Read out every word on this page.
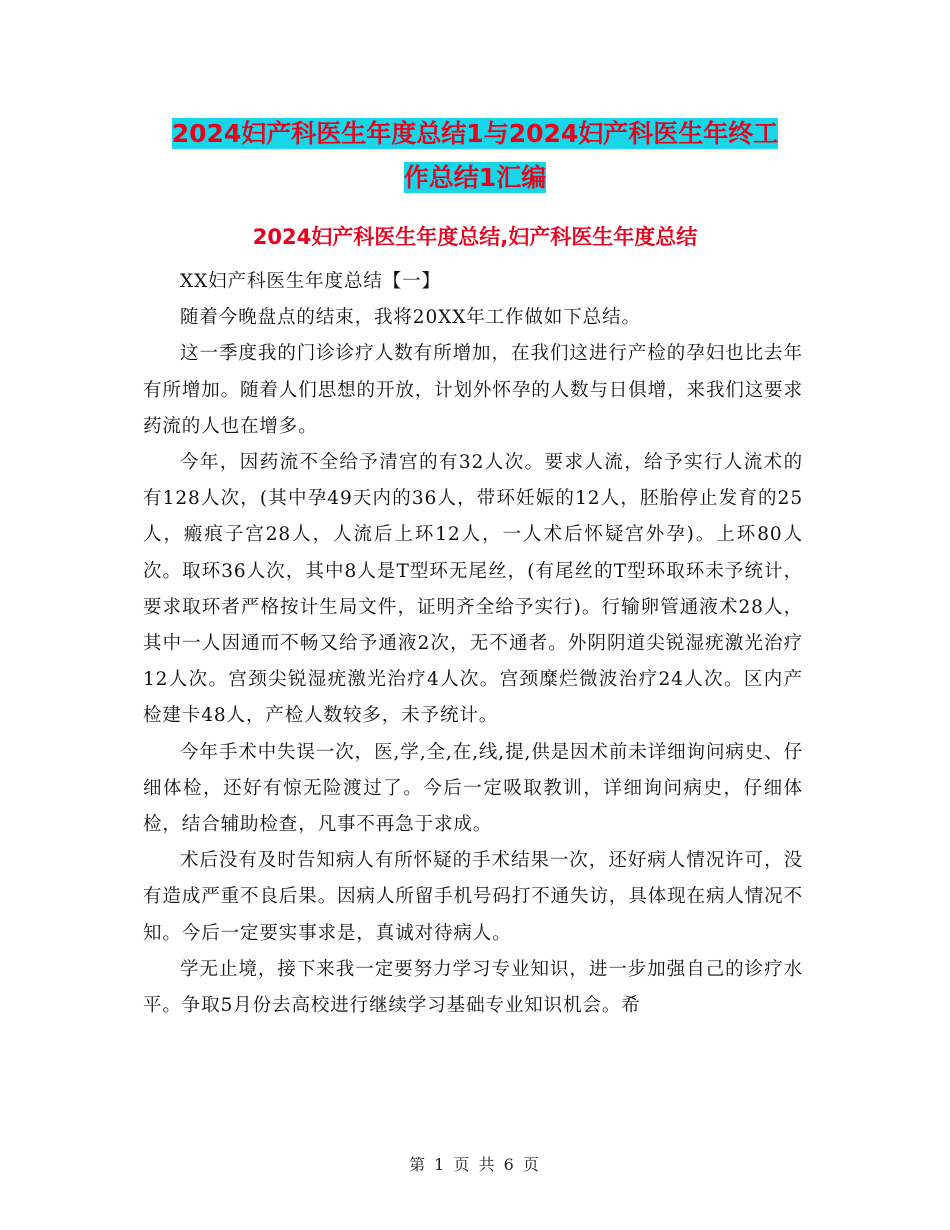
2024妇产科医生年度总结1与2024妇产科医生年终工
作总结1汇编
2024妇产科医生年度总结,妇产科医生年度总结

XX妇产科医生年度总结【一】

随着今晚盘点的结束，我将20XX年工作做如下总结。

这一季度我的门诊诊疗人数有所增加，在我们这进行产检的孕妇也比去年有所增加。随着人们思想的开放，计划外怀孕的人数与日俱增，来我们这要求药流的人也在增多。

今年，因药流不全给予清宫的有32人次。要求人流，给予实行人流术的有128人次，(其中孕49天内的36人，带环妊娠的12人，胚胎停止发育的25人，瘢痕子宫28人，人流后上环12人，一人术后怀疑宫外孕)。上环80人次。取环36人次，其中8人是T型环无尾丝，(有尾丝的T型环取环未予统计，要求取环者严格按计生局文件，证明齐全给予实行)。行输卵管通液术28人，其中一人因通而不畅又给予通液2次，无不通者。外阴阴道尖锐湿疣激光治疗12人次。宫颈尖锐湿疣激光治疗4人次。宫颈糜烂微波治疗24人次。区内产检建卡48人，产检人数较多，未予统计。

今年手术中失误一次，医,学,全,在,线,提,供是因术前未详细询问病史、仔细体检，还好有惊无险渡过了。今后一定吸取教训，详细询问病史，仔细体检，结合辅助检查，凡事不再急于求成。

术后没有及时告知病人有所怀疑的手术结果一次，还好病人情况许可，没有造成严重不良后果。因病人所留手机号码打不通失访，具体现在病人情况不知。今后一定要实事求是，真诚对待病人。

学无止境，接下来我一定要努力学习专业知识，进一步加强自己的诊疗水平。争取5月份去高校进行继续学习基础专业知识机会。希

第 1 页 共 6 页
